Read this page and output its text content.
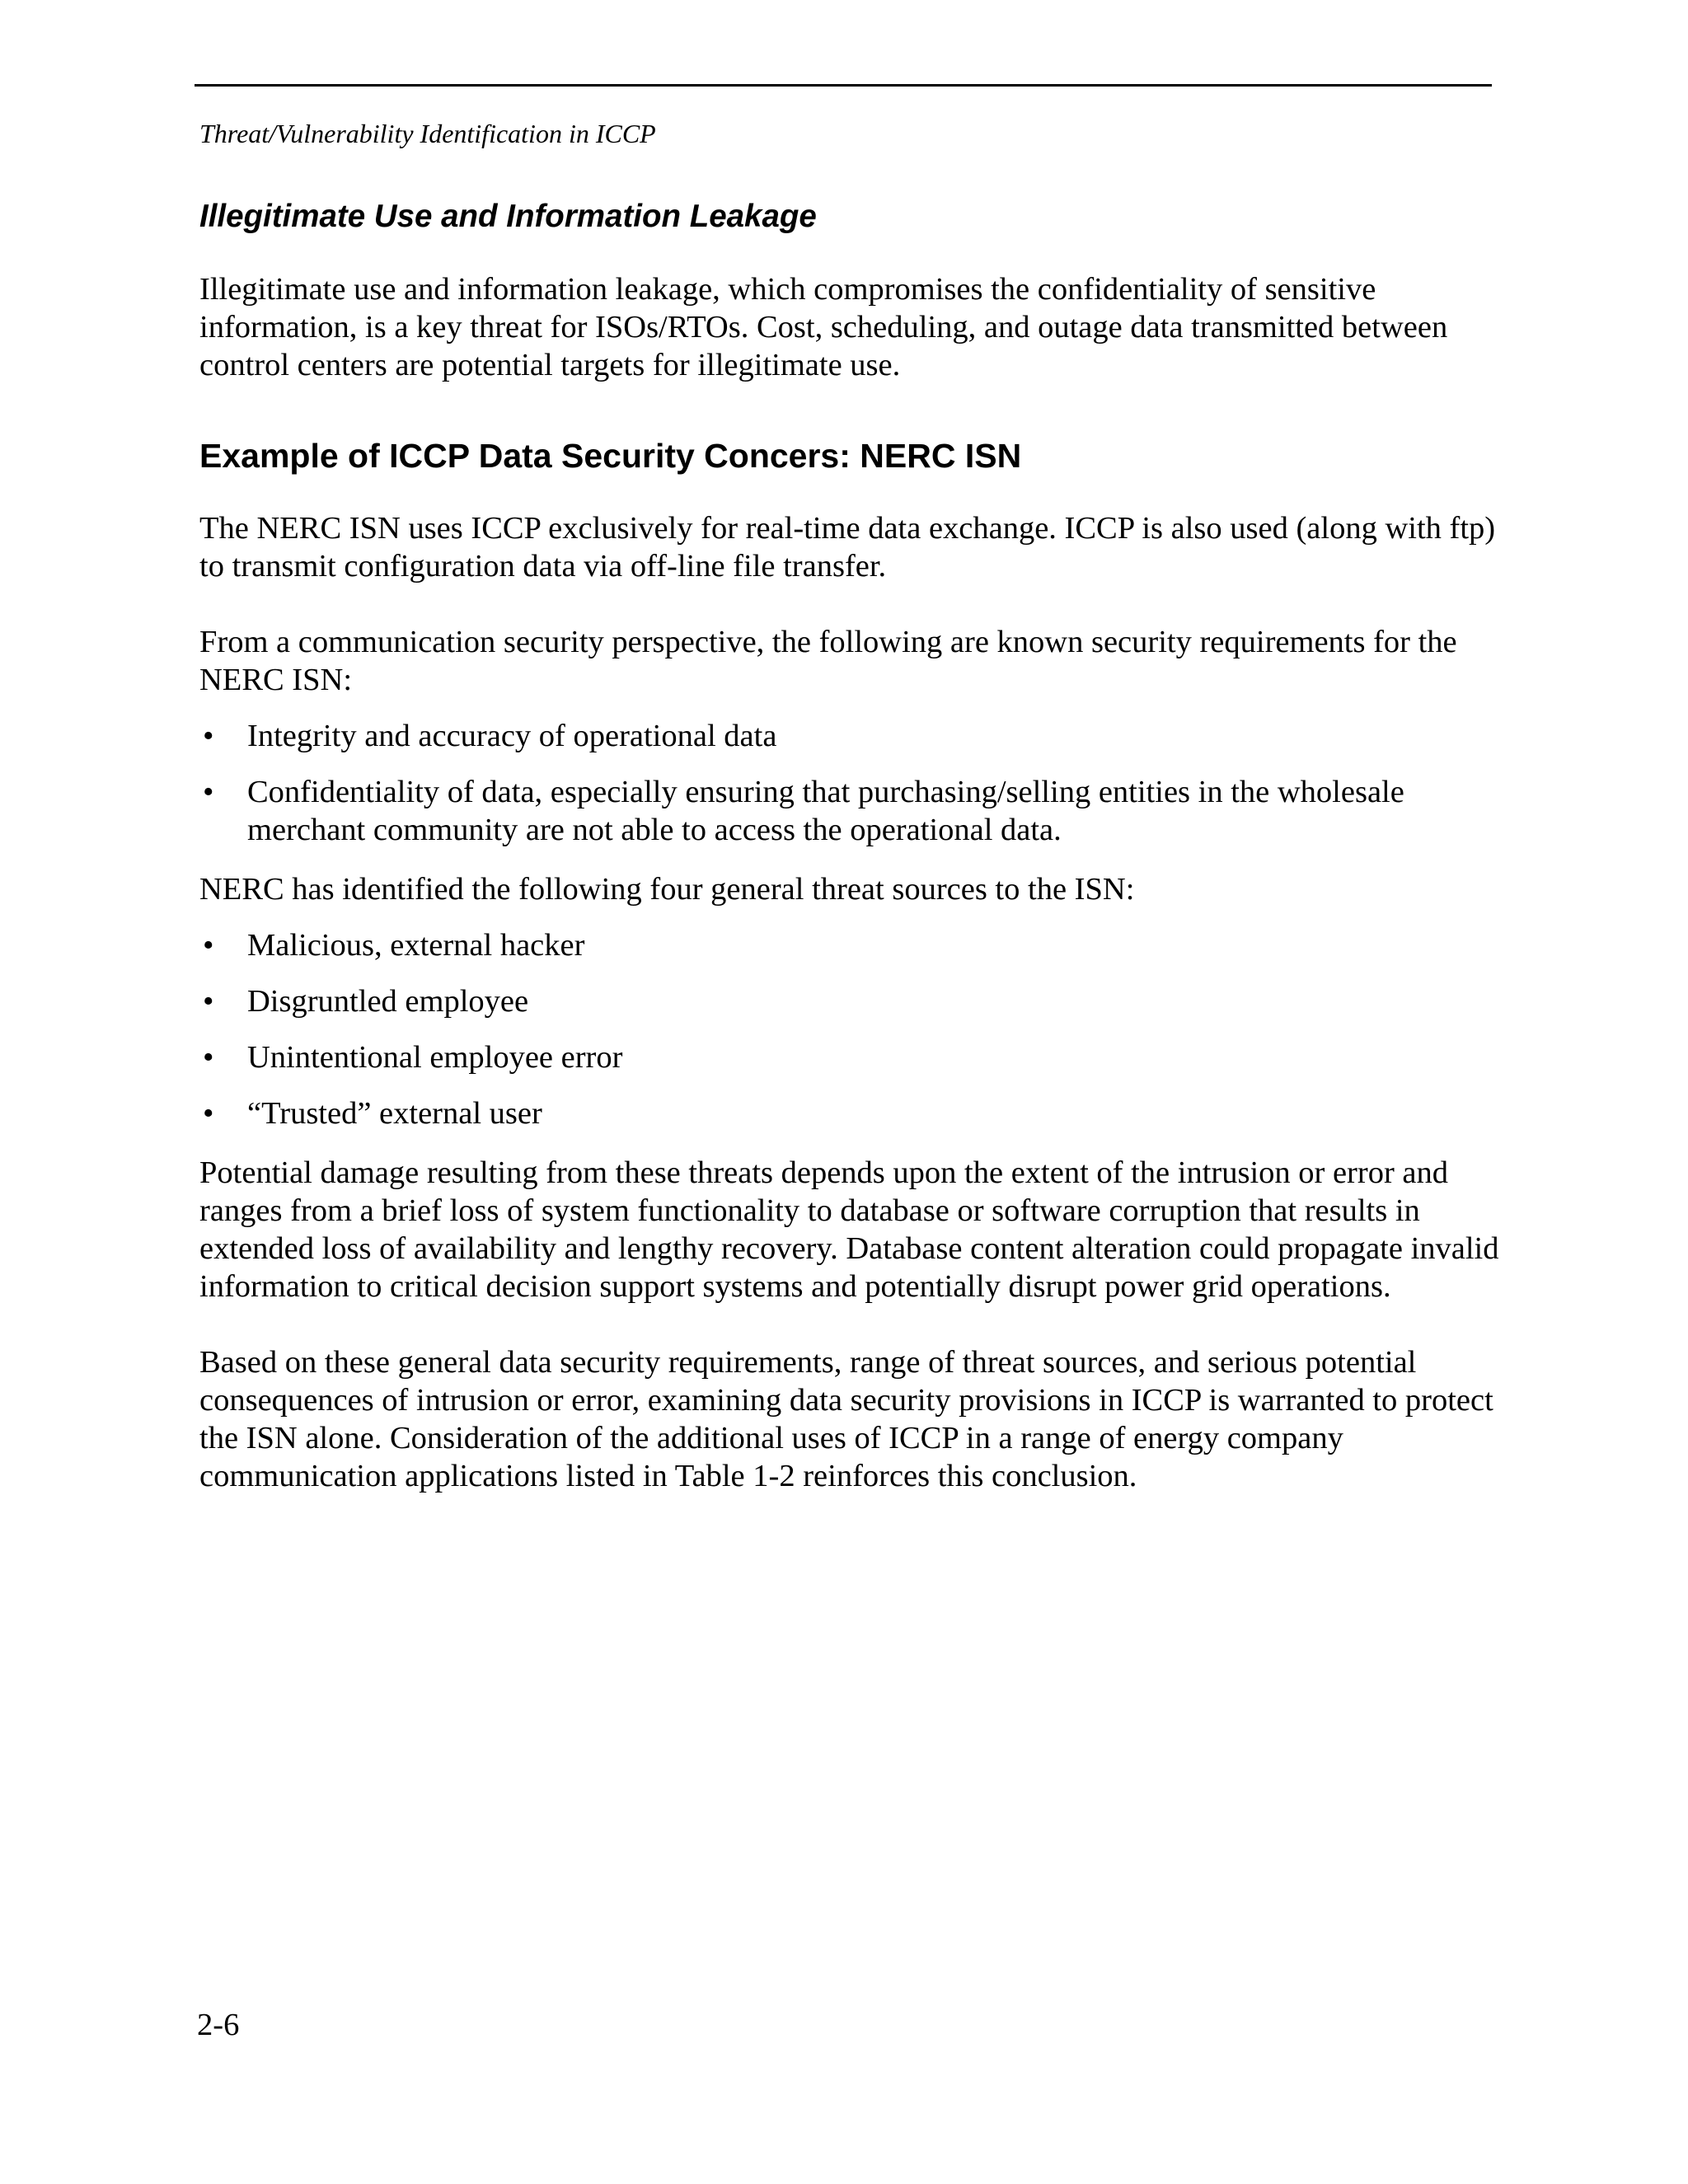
Threat/Vulnerability Identification in ICCP
Illegitimate Use and Information Leakage

Illegitimate use and information leakage, which compromises the confidentiality of sensitive information, is a key threat for ISOs/RTOs. Cost, scheduling, and outage data transmitted between control centers are potential targets for illegitimate use.

Example of ICCP Data Security Concers: NERC ISN

The NERC ISN uses ICCP exclusively for real-time data exchange. ICCP is also used (along with ftp) to transmit configuration data via off-line file transfer.

From a communication security perspective, the following are known security requirements for the NERC ISN:

• Integrity and accuracy of operational data
• Confidentiality of data, especially ensuring that purchasing/selling entities in the wholesale merchant community are not able to access the operational data.

NERC has identified the following four general threat sources to the ISN:

• Malicious, external hacker
• Disgruntled employee
• Unintentional employee error
• “Trusted” external user

Potential damage resulting from these threats depends upon the extent of the intrusion or error and ranges from a brief loss of system functionality to database or software corruption that results in extended loss of availability and lengthy recovery. Database content alteration could propagate invalid information to critical decision support systems and potentially disrupt power grid operations.

Based on these general data security requirements, range of threat sources, and serious potential consequences of intrusion or error, examining data security provisions in ICCP is warranted to protect the ISN alone. Consideration of the additional uses of ICCP in a range of energy company communication applications listed in Table 1-2 reinforces this conclusion.

2-6
